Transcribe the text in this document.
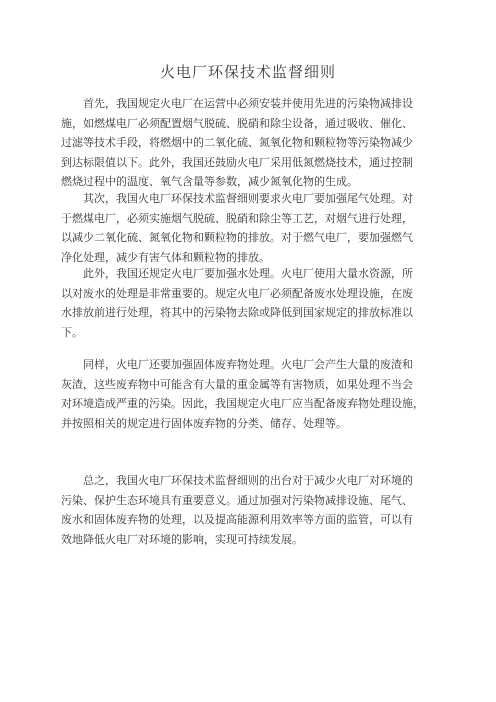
火电厂环保技术监督细则
首先，我国规定火电厂在运营中必须安装并使用先进的污染物减排设
施，如燃煤电厂必须配置烟气脱硫、脱硝和除尘设备，通过吸收、催化、
过滤等技术手段，将燃烟中的二氧化硫、氮氧化物和颗粒物等污染物减少
到达标限值以下。此外，我国还鼓励火电厂采用低氮燃烧技术，通过控制
燃烧过程中的温度、氧气含量等参数，减少氮氧化物的生成。
其次，我国火电厂环保技术监督细则要求火电厂要加强尾气处理。对
于燃煤电厂，必须实施烟气脱硫、脱硝和除尘等工艺，对烟气进行处理，
以减少二氧化硫、氮氧化物和颗粒物的排放。对于燃气电厂，要加强燃气
净化处理，减少有害气体和颗粒物的排放。
此外，我国还规定火电厂要加强水处理。火电厂使用大量水资源，所
以对废水的处理是非常重要的。规定火电厂必须配备废水处理设施，在废
水排放前进行处理，将其中的污染物去除或降低到国家规定的排放标准以
下。
同样，火电厂还要加强固体废弃物处理。火电厂会产生大量的废渣和
灰渣，这些废弃物中可能含有大量的重金属等有害物质，如果处理不当会
对环境造成严重的污染。因此，我国规定火电厂应当配备废弃物处理设施，
并按照相关的规定进行固体废弃物的分类、储存、处理等。
总之，我国火电厂环保技术监督细则的出台对于减少火电厂对环境的
污染、保护生态环境具有重要意义。通过加强对污染物减排设施、尾气、
废水和固体废弃物的处理，以及提高能源利用效率等方面的监管，可以有
效地降低火电厂对环境的影响，实现可持续发展。
